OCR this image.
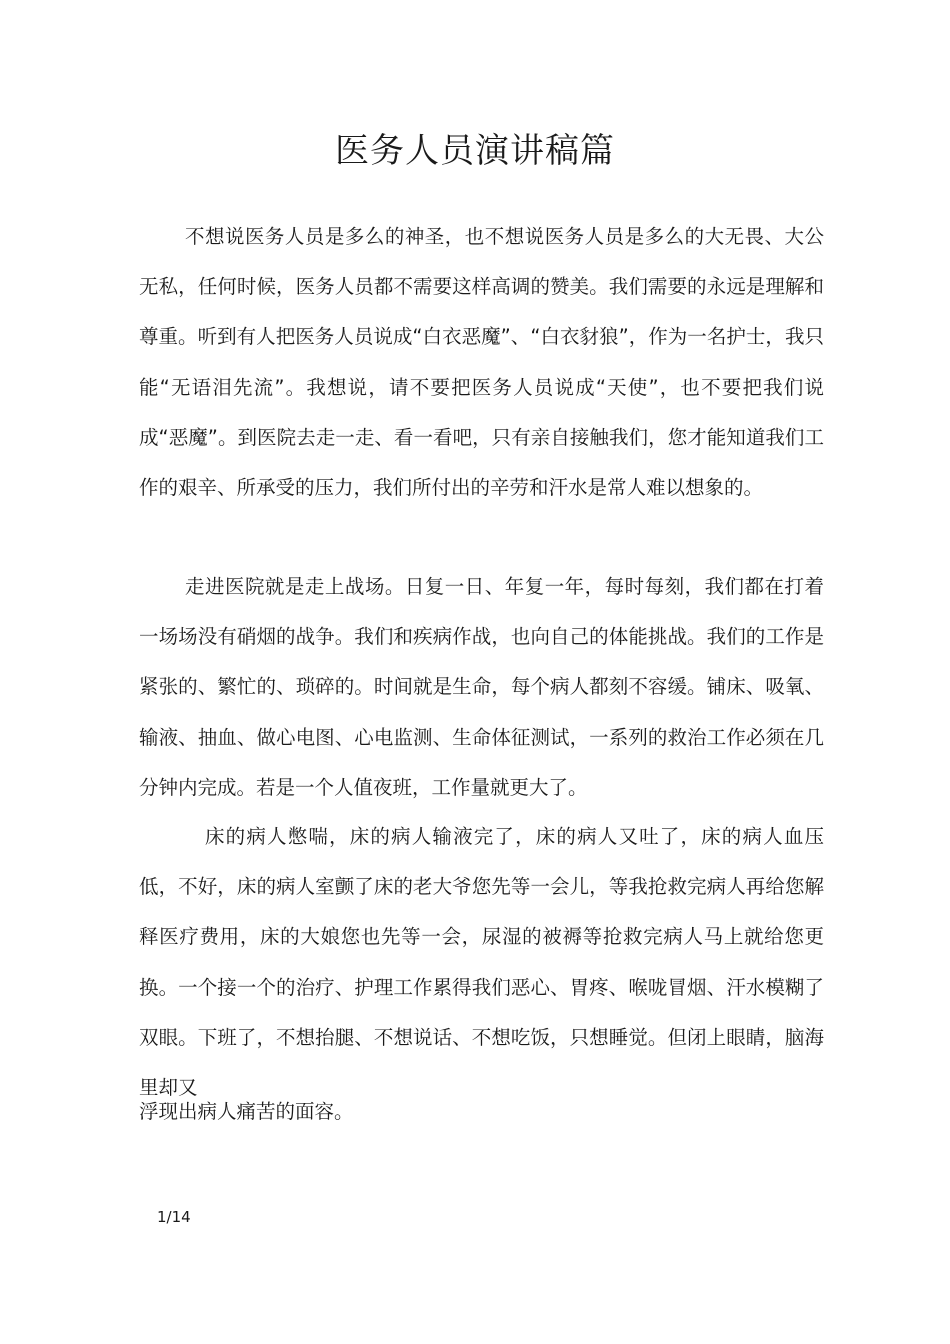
医务人员演讲稿篇

不想说医务人员是多么的神圣，也不想说医务人员是多么的大无畏、大公无私，任何时候，医务人员都不需要这样高调的赞美。我们需要的永远是理解和尊重。听到有人把医务人员说成“白衣恶魔”、“白衣豺狼”，作为一名护士，我只能“无语泪先流”。我想说，请不要把医务人员说成“天使”，也不要把我们说成“恶魔”。到医院去走一走、看一看吧，只有亲自接触我们，您才能知道我们工作的艰辛、所承受的压力，我们所付出的辛劳和汗水是常人难以想象的。

走进医院就是走上战场。日复一日、年复一年，每时每刻，我们都在打着一场场没有硝烟的战争。我们和疾病作战，也向自己的体能挑战。我们的工作是紧张的、繁忙的、琐碎的。时间就是生命，每个病人都刻不容缓。铺床、吸氧、输液、抽血、做心电图、心电监测、生命体征测试，一系列的救治工作必须在几分钟内完成。若是一个人值夜班，工作量就更大了。

床的病人憋喘，床的病人输液完了，床的病人又吐了，床的病人血压低，不好，床的病人室颤了床的老大爷您先等一会儿，等我抢救完病人再给您解释医疗费用，床的大娘您也先等一会，尿湿的被褥等抢救完病人马上就给您更换。一个接一个的治疗、护理工作累得我们恶心、胃疼、喉咙冒烟、汗水模糊了双眼。下班了，不想抬腿、不想说话、不想吃饭，只想睡觉。但闭上眼睛，脑海里却又

浮现出病人痛苦的面容。

1/14
